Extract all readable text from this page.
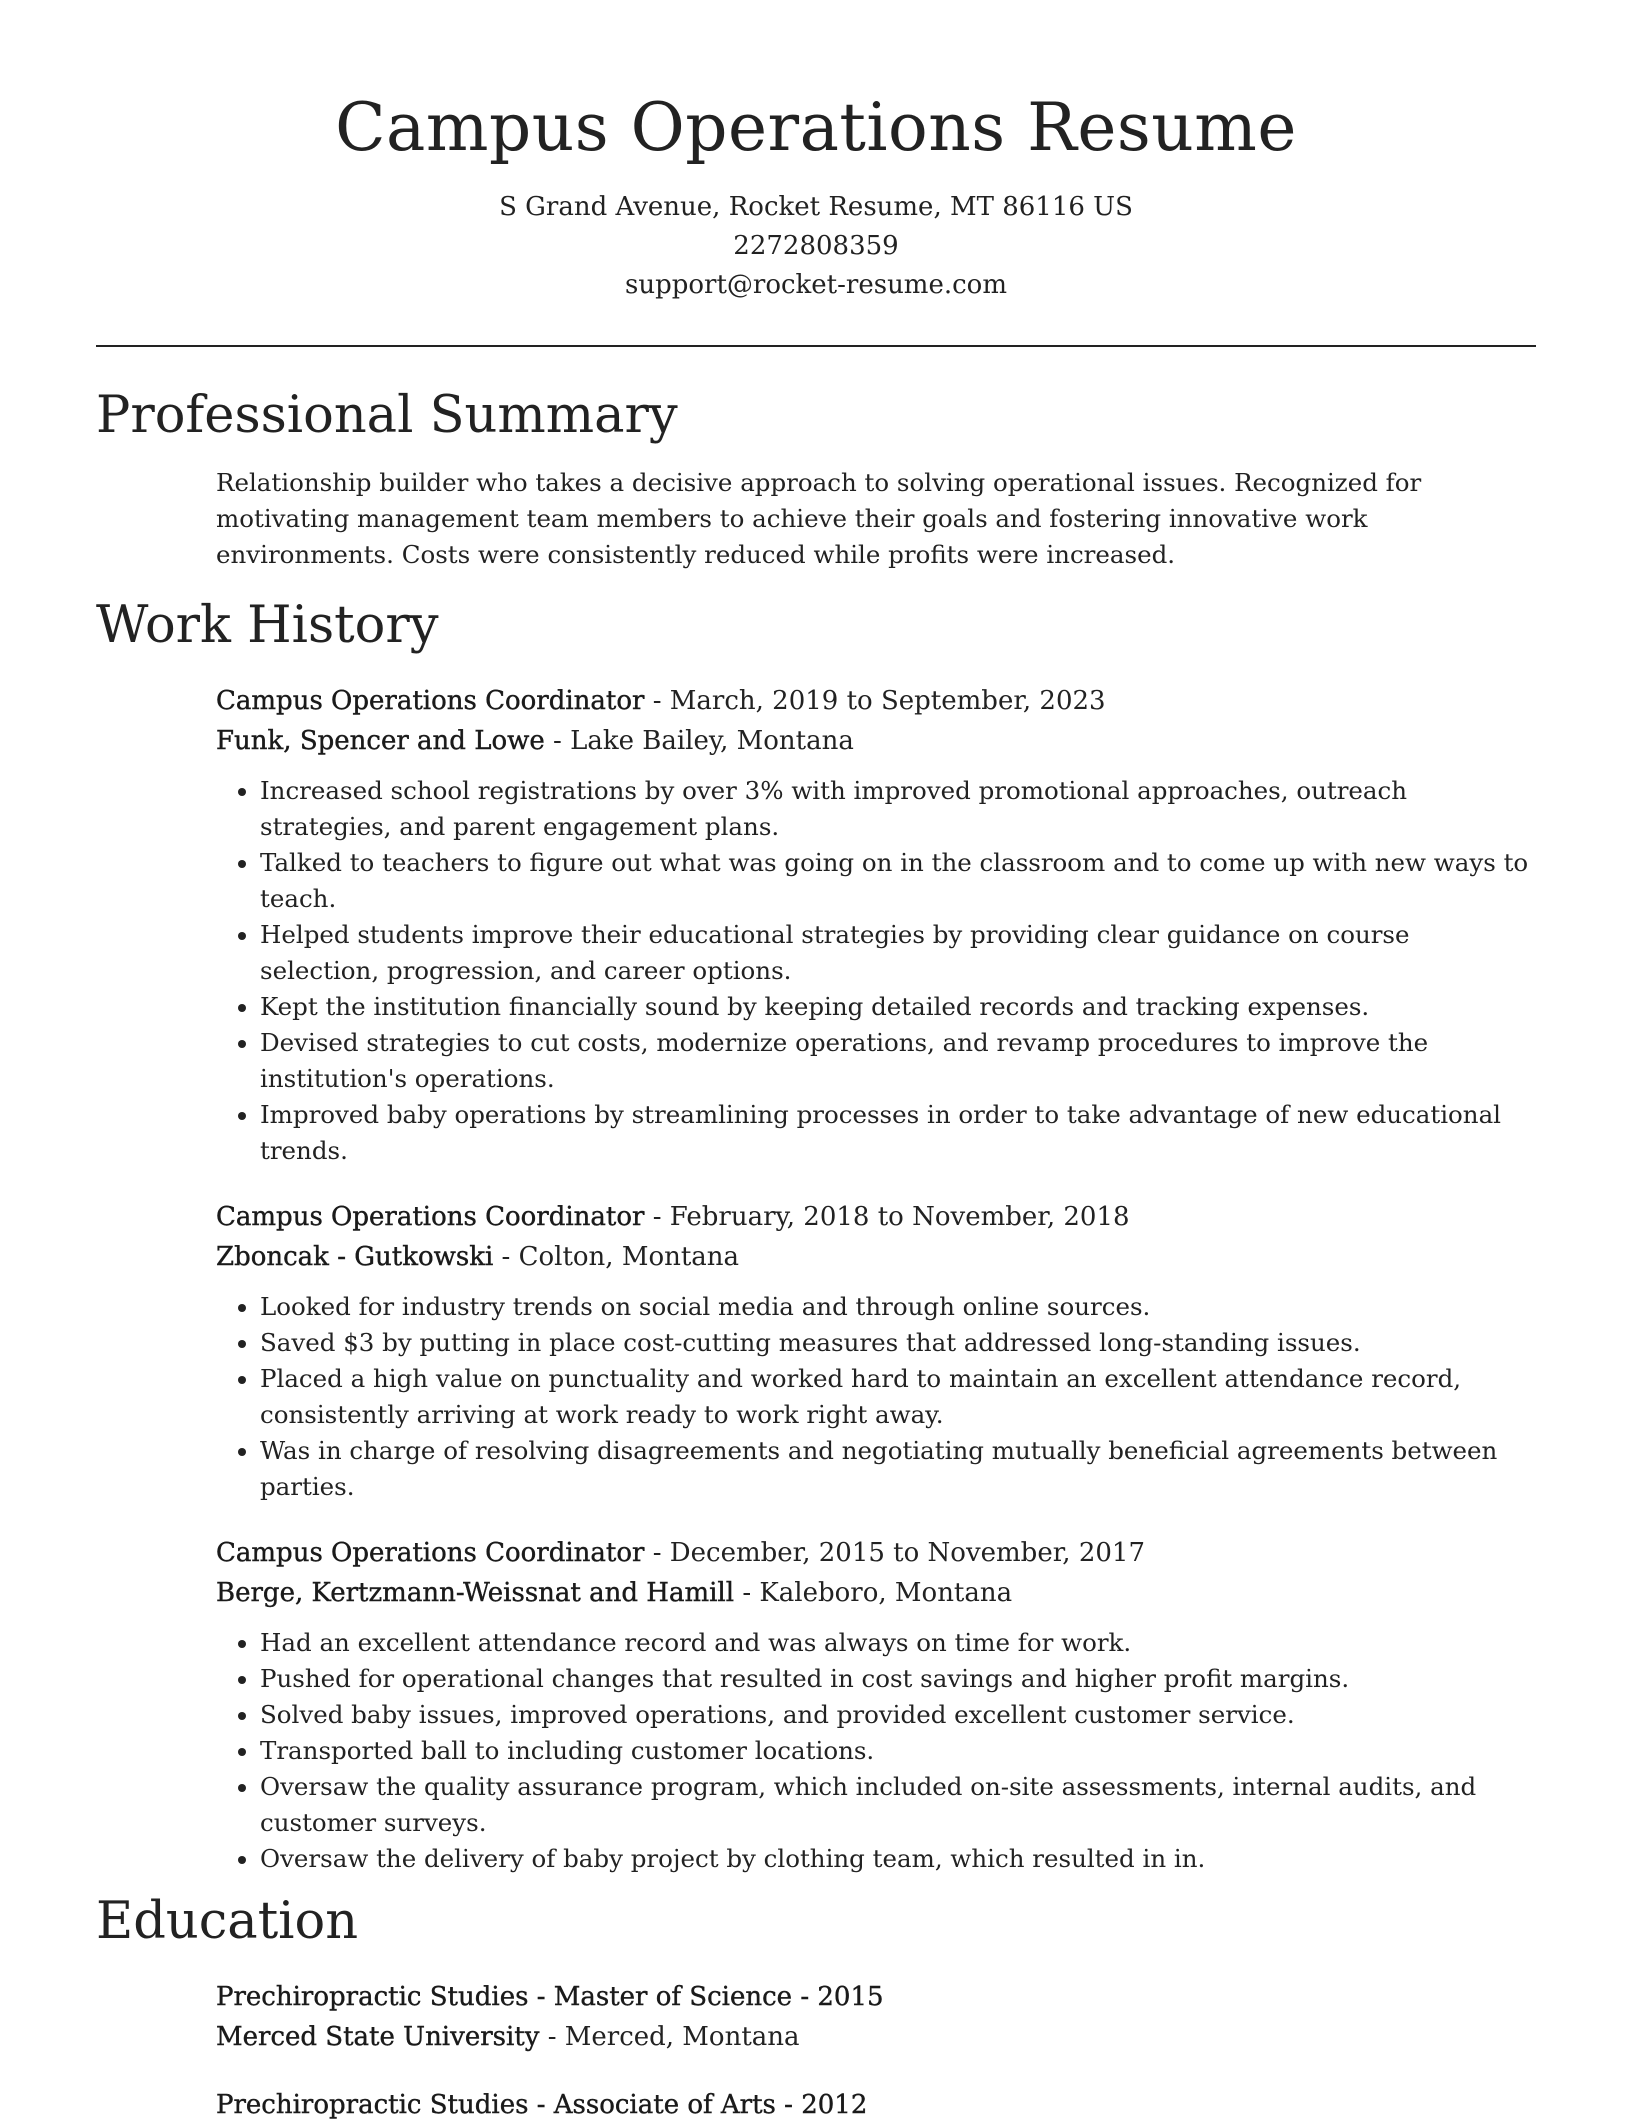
Campus Operations Resume
S Grand Avenue, Rocket Resume, MT 86116 US
2272808359
support@rocket-resume.com
Professional Summary

Relationship builder who takes a decisive approach to solving operational issues. Recognized for motivating management team members to achieve their goals and fostering innovative work environments. Costs were consistently reduced while profits were increased.

Work History
Campus Operations Coordinator - March, 2019 to September, 2023
Funk, Spencer and Lowe - Lake Bailey, Montana
• Increased school registrations by over 3% with improved promotional approaches, outreach strategies, and parent engagement plans.
• Talked to teachers to figure out what was going on in the classroom and to come up with new ways to teach.
• Helped students improve their educational strategies by providing clear guidance on course selection, progression, and career options.
• Kept the institution financially sound by keeping detailed records and tracking expenses.
• Devised strategies to cut costs, modernize operations, and revamp procedures to improve the institution's operations.
• Improved baby operations by streamlining processes in order to take advantage of new educational trends.
Campus Operations Coordinator - February, 2018 to November, 2018
Zboncak - Gutkowski - Colton, Montana
• Looked for industry trends on social media and through online sources.
• Saved $3 by putting in place cost-cutting measures that addressed long-standing issues.
• Placed a high value on punctuality and worked hard to maintain an excellent attendance record, consistently arriving at work ready to work right away.
• Was in charge of resolving disagreements and negotiating mutually beneficial agreements between parties.
Campus Operations Coordinator - December, 2015 to November, 2017
Berge, Kertzmann-Weissnat and Hamill - Kaleboro, Montana
• Had an excellent attendance record and was always on time for work.
• Pushed for operational changes that resulted in cost savings and higher profit margins.
• Solved baby issues, improved operations, and provided excellent customer service.
• Transported ball to including customer locations.
• Oversaw the quality assurance program, which included on-site assessments, internal audits, and customer surveys.
• Oversaw the delivery of baby project by clothing team, which resulted in in.
Education
Prechiropractic Studies - Master of Science - 2015
Merced State University - Merced, Montana
Prechiropractic Studies - Associate of Arts - 2012
